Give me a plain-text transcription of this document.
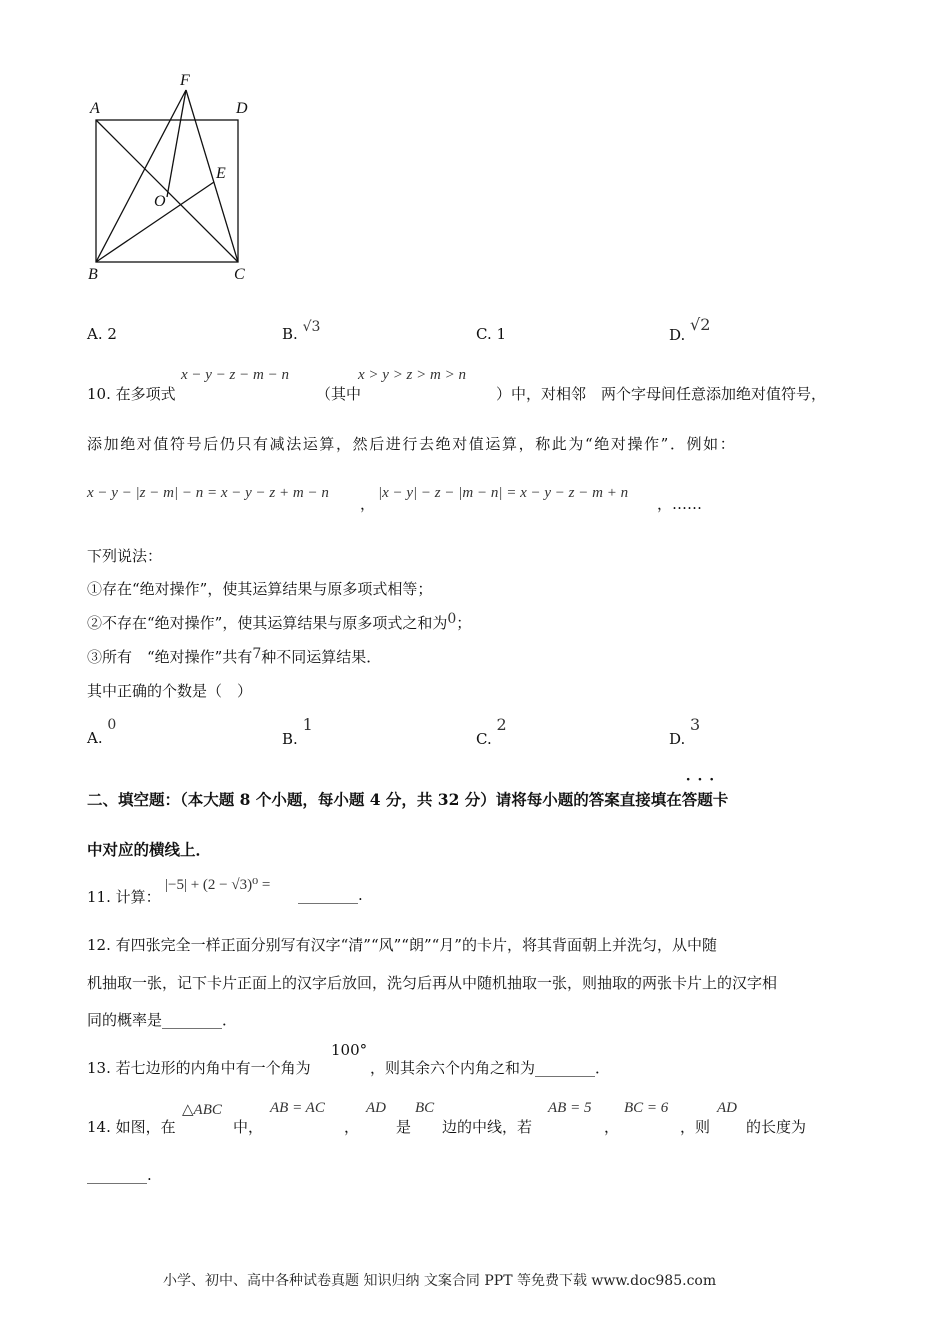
F
A	D
E
O
B	C
A. 2	B. √3	C. 1	D. √2
10. 在多项式
x − y − z − m − n
（其中
x > y > z > m > n
）中，对相邻　两个字母间任意添加绝对值符号，
添加绝对值符号后仍只有减法运算，然后进行去绝对值运算，称此为“绝对操作”．例如：
x − y − |z − m| − n = x − y − z + m − n
，
|x − y| − z − |m − n| = x − y − z − m + n
，……
下列说法：
①存在“绝对操作”，使其运算结果与原多项式相等；
②不存在“绝对操作”，使其运算结果与原多项式之和为0；
③所有　“绝对操作”共有7种不同运算结果．
其中正确的个数是（　）
A. 0
B. 1
C. 2
D. 3
二、填空题：（本大题 8 个小题，每小题 4 分，共 32 分）请将每小题的答案直接填在· · · 答题卡
中对应的横线上．
11. 计算：
|−5| + (2 − √3)⁰ =
________.
12. 有四张完全一样正面分别写有汉字“清”“风”“朗”“月”的卡片，将其背面朝上并洗匀，从中随
机抽取一张，记下卡片正面上的汉字后放回，洗匀后再从中随机抽取一张，则抽取的两张卡片上的汉字相
同的概率是________．
13. 若七边形的内角中有一个角为
100°
，则其余六个内角之和为________．
14. 如图，在
△ABC
中，
AB = AC
，
AD
是
BC
边的中线，若
AB = 5
，
BC = 6
，则
AD
的长度为
________.
小学、初中、高中各种试卷真题 知识归纳 文案合同 PPT 等免费下载 www.doc985.com
